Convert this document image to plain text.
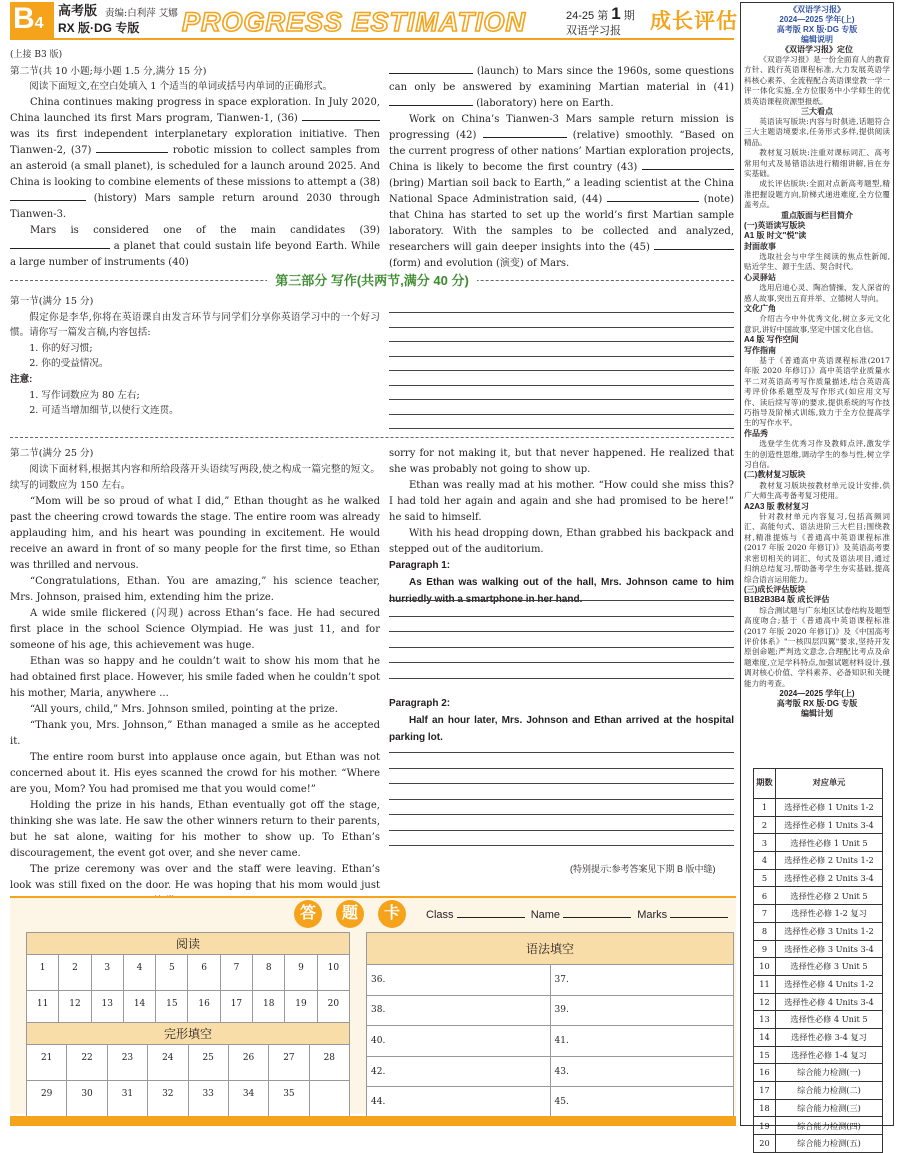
B4
高考版 责编:白利萍 艾娜
RX 版·DG 专版 PROGRESS ESTIMATION	24-25 第 1 期
双语学习报 成长评估
(上接 B3 版)
第二节(共 10 小题;每小题 1.5 分,满分 15 分)
阅读下面短文,在空白处填入 1 个适当的单词或括号内单词的正确形式。
China continues making progress in space exploration. In July 2020, China launched its first Mars program, Tianwen-1, (36)  was its first independent interplanetary exploration initiative. Then Tianwen-2, (37)	robotic mission to collect samples from an asteroid (a small planet), is scheduled for a launch around 2025. And China is looking to combine elements of these missions to attempt a (38)  (history) Mars sample return around 2030 through Tianwen-3.
Mars is considered one of the main candidates (39)  a planet that could sustain life beyond Earth. While a large number of instruments (40)
(launch) to Mars since the 1960s, some questions can only be answered by examining Martian material in (41)  (laboratory) here on Earth.
Work on China’s Tianwen-3 Mars sample return mission is progressing (42)	(relative) smoothly. “Based on the current progress of other nations’ Martian exploration projects, China is likely to become the first country (43)  (bring) Martian soil back to Earth,” a leading scientist at the China National Space Administration said, (44)	(note) that China has started to set up the world’s first Martian sample laboratory. With the samples to be collected and analyzed, researchers will gain deeper insights into the (45)  (form) and evolution (演变) of Mars.
第三部分 写作(共两节,满分 40 分)
第一节(满分 15 分)
假定你是李华,你将在英语课自由发言环节与同学们分享你英语学习中的一个好习惯。请你写一篇发言稿,内容包括:
1. 你的好习惯;
2. 你的受益情况。
注意:
1. 写作词数应为 80 左右;
2. 可适当增加细节,以使行文连贯。
第二节(满分 25 分)
阅读下面材料,根据其内容和所给段落开头语续写两段,使之构成一篇完整的短文。续写的词数应为 150 左右。
“Mom will be so proud of what I did,” Ethan thought as he walked past the cheering crowd towards the stage. The entire room was already applauding him, and his heart was pounding in excitement. He would receive an award in front of so many people for the first time, so Ethan was thrilled and nervous.
“Congratulations, Ethan. You are amazing,” his science teacher, Mrs. Johnson, praised him, extending him the prize.
A wide smile flickered (闪现) across Ethan’s face. He had secured first place in the school Science Olympiad. He was just 11, and for someone of his age, this achievement was huge.
Ethan was so happy and he couldn’t wait to show his mom that he had obtained first place. However, his smile faded when he couldn’t spot his mother, Maria, anywhere ...
“All yours, child,” Mrs. Johnson smiled, pointing at the prize.
“Thank you, Mrs. Johnson,” Ethan managed a smile as he accepted it.
The entire room burst into applause once again, but Ethan was not concerned about it. His eyes scanned the crowd for his mother. “Where are you, Mom? You had promised me that you would come!”
Holding the prize in his hands, Ethan eventually got off the stage, thinking she was late. He saw the other winners return to their parents, but he sat alone, waiting for his mother to show up. To Ethan’s discouragement, the event got over, and she never came.
The prize ceremony was over and the staff were leaving. Ethan’s look was still fixed on the door. He was hoping that his mom would just
sorry for not making it, but that never happened. He realized that she was probably not going to show up.
Ethan was really mad at his mother. “How could she miss this? I had told her again and again and she had promised to be here!” he said to himself.
With his head dropping down, Ethan grabbed his backpack and stepped out of the auditorium.
Paragraph 1:
As Ethan was walking out of the hall, Mrs. Johnson came to him
Paragraph 2:
Half an hour later, Mrs. Johnson and Ethan arrived at the hospital parking lot.
(特别提示:参考答案见下期 B 版中缝)
答 题 卡	Class	Name	Marks
阅读									
1	2	3	4	5	6	7	8	9	10
11	12	13	14	15	16	17	18	19	20
完形填空							
21	22	23	24	25	26	27	28
29	30	31	32	33	34	35	
语法填空	
36.	37.
38.	39.
40.	41.
42.	43.
44.	45.
《双语学习报》
2024—2025 学年(上)
高考版 RX 版·DG 专版
编辑说明
《双语学习报》定位
《双语学习报》是一份全面育人的教育方针、践行英语课程标准,大力发展英语学科核心素养、全流程配合英语课堂教一学一评一体化实施,全方位服务中小学师生的优质英语课程资源型报纸。
三大看点
英语读写版块:内容与时俱进,话题符合三大主题语境要求,任务形式多样,提供阅读精品。
教材复习版块:注重对课标词汇、高考常用句式及易错语法进行精细讲解,旨在夯实基础。
成长评估版块:全面对点新高考题型,精准把握设题方向,阶梯式递进难度,全方位覆盖考点。
重点版面与栏目简介
(一)英语读写版块
A1 版 时文"悦"读
封面故事
选取社会与中学生阅读的焦点性新闻,贴近学生、源于生活、契合时代。
心灵驿站
选用启迪心灵、陶冶情操、发人深省的感人故事,突出五育并举、立德树人导向。
文化广角
介绍古今中外优秀文化,树立多元文化意识,讲好中国故事,坚定中国文化自信。
A4 版 写作空间
写作指南
基于《普通高中英语课程标准(2017 年版 2020 年修订)》高中英语学业质量水平二对英语高考写作质量描述,结合英语高考评价体系题型及写作形式(如应用文写作、读后续写等)的要求,提供系统的写作技巧指导及阶梯式训练,致力于全方位提高学生的写作水平。
作品秀
选登学生优秀习作及教师点评,激发学生的创造性思维,调动学生的参与性,树立学习自信。
(二)教材复习版块
教材复习版块按教材单元设计安排,供广大师生高考备考复习使用。
A2A3 版 教材复习
针对教材单元内容复习,包括高频词汇、高能句式、语法进阶三大栏目;围绕教材,精准提炼与《普通高中英语课程标准(2017 年版 2020 年修订)》及英语高考要求密切相关的词汇、句式及语法项目,通过归纳总结复习,帮助备考学生夯实基础,提高综合语言运用能力。
(三)成长评估版块
B1B2B3B4 版 成长评估
综合测试题与广东地区试卷结构及题型高度吻合;基于《普通高中英语课程标准(2017 年版 2020 年修订)》及《中国高考评价体系》"一核四层四翼"要求,坚持开发原创命题;严判选文意念,合理配比考点及命题难度,立足学科特点,加强试题材料设计,强调对核心价值、学科素养、必备知识和关键能力的考查。
2024—2025 学年(上)
高考版 RX 版·DG 专版
编辑计划
期数	对应单元
1	选择性必修 1 Units 1-2
2	选择性必修 1 Units 3-4
3	选择性必修 1 Unit 5
4	选择性必修 2 Units 1-2
5	选择性必修 2 Units 3-4
6	选择性必修 2 Unit 5
7	选择性必修 1-2 复习
8	选择性必修 3 Units 1-2
9	选择性必修 3 Units 3-4
10	选择性必修 3 Unit 5
11	选择性必修 4 Units 1-2
12	选择性必修 4 Units 3-4
13	选择性必修 4 Unit 5
14	选择性必修 3-4 复习
15	选择性必修 1-4 复习
16	综合能力检测(一)
17	综合能力检测(二)
18	综合能力检测(三)
19	综合能力检测(四)
20	综合能力检测(五)
